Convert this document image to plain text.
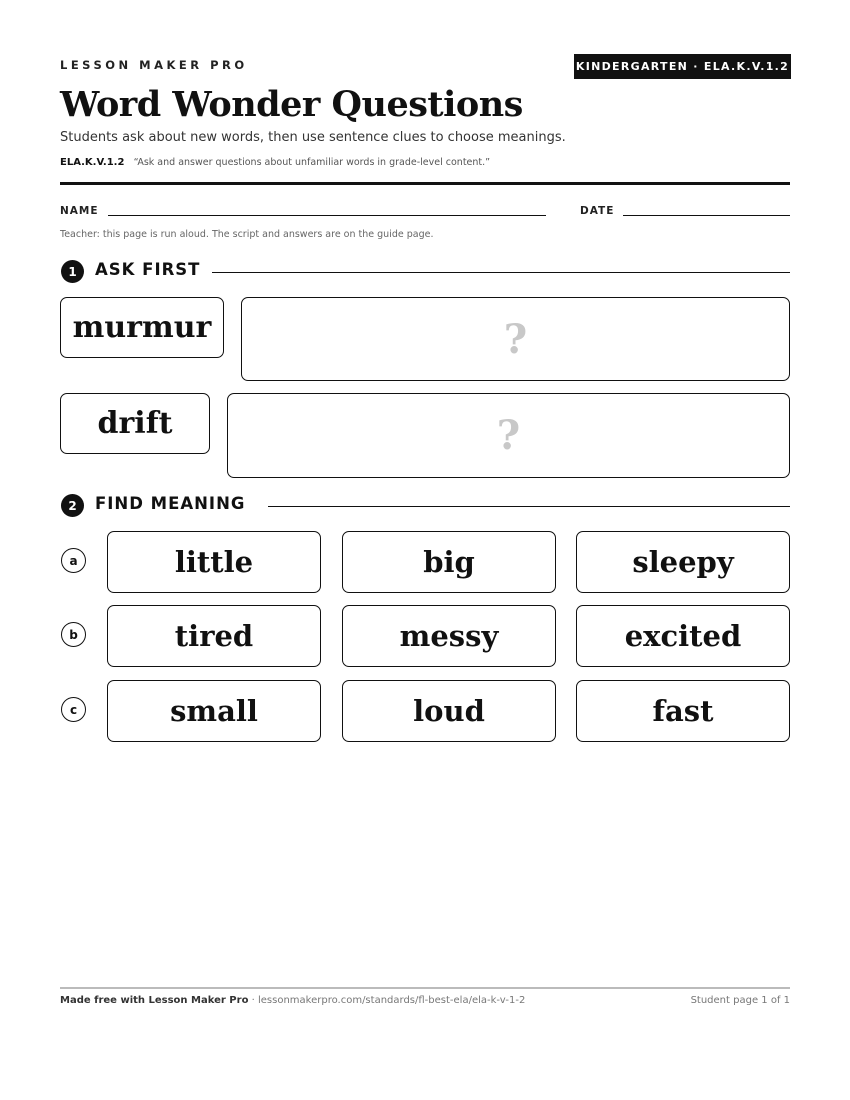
LESSON MAKER PRO	KINDERGARTEN · ELA.K.V.1.2
Word Wonder Questions
Students ask about new words, then use sentence clues to choose meanings.
ELA.K.V.1.2 “Ask and answer questions about unfamiliar words in grade-level content.”
NAME	DATE
Teacher: this page is run aloud. The script and answers are on the guide page.
1	ASK FIRST
murmur	?
drift	?
2	FIND MEANING
a	little	big	sleepy
b	tired	messy	excited
c	small	loud	fast
Made free with Lesson Maker Pro · lessonmakerpro.com/standards/fl-best-ela/ela-k-v-1-2	Student page 1 of 1
